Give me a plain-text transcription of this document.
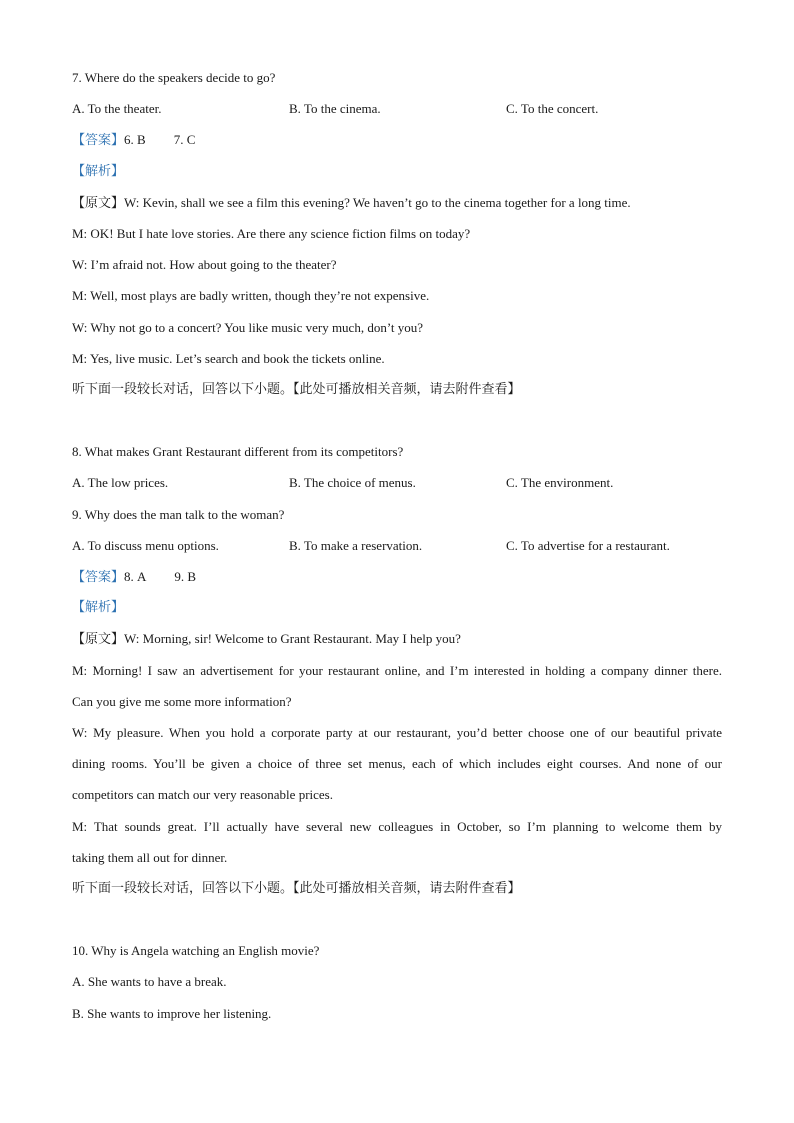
7. Where do the speakers decide to go?
A. To the theater.	B. To the cinema.	C. To the concert.
【答案】6. B 7. C
【解析】
【原文】W: Kevin, shall we see a film this evening? We haven’t go to the cinema together for a long time.
M: OK! But I hate love stories. Are there any science fiction films on today?
W: I’m afraid not. How about going to the theater?
M: Well, most plays are badly written, though they’re not expensive.
W: Why not go to a concert? You like music very much, don’t you?
M: Yes, live music. Let’s search and book the tickets online.
听下面一段较长对话，回答以下小题。【此处可播放相关音频，请去附件查看】
8. What makes Grant Restaurant different from its competitors?
A. The low prices.	B. The choice of menus.	C. The environment.
9. Why does the man talk to the woman?
A. To discuss menu options.	B. To make a reservation.	C. To advertise for a restaurant.
【答案】8. A 9. B
【解析】
【原文】W: Morning, sir! Welcome to Grant Restaurant. May I help you?
M: Morning! I saw an advertisement for your restaurant online, and I’m interested in holding a company dinner there.
Can you give me some more information?
W: My pleasure. When you hold a corporate party at our restaurant, you’d better choose one of our beautiful private
dining rooms. You’ll be given a choice of three set menus, each of which includes eight courses. And none of our
competitors can match our very reasonable prices.
M: That sounds great. I’ll actually have several new colleagues in October, so I’m planning to welcome them by
taking them all out for dinner.
听下面一段较长对话，回答以下小题。【此处可播放相关音频，请去附件查看】
10. Why is Angela watching an English movie?
A. She wants to have a break.
B. She wants to improve her listening.
